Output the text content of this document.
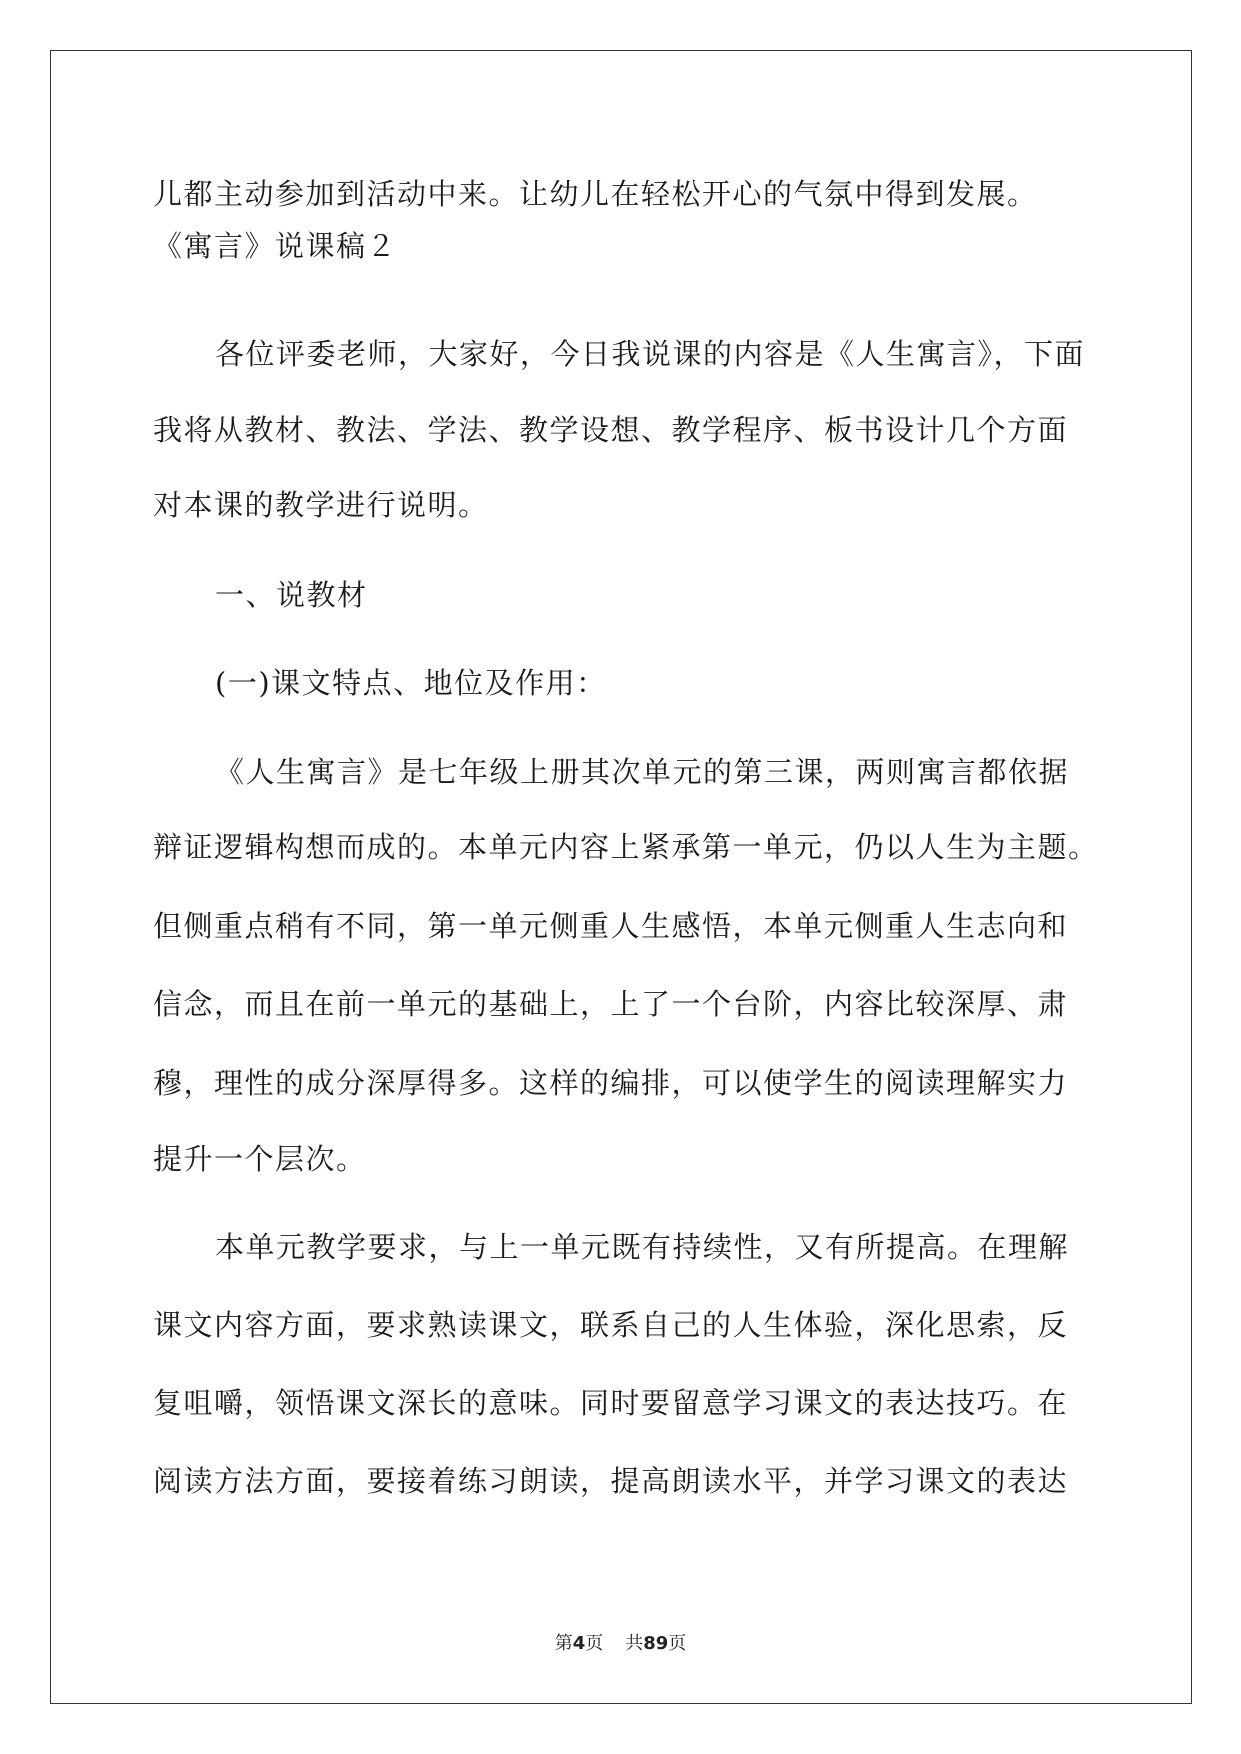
儿都主动参加到活动中来。让幼儿在轻松开心的气氛中得到发展。
《寓言》说课稿２
各位评委老师，大家好，今日我说课的内容是《人生寓言》，下面
我将从教材、教法、学法、教学设想、教学程序、板书设计几个方面
对本课的教学进行说明。
一、说教材
(一)课文特点、地位及作用：
《人生寓言》是七年级上册其次单元的第三课，两则寓言都依据
辩证逻辑构想而成的。本单元内容上紧承第一单元，仍以人生为主题。
但侧重点稍有不同，第一单元侧重人生感悟，本单元侧重人生志向和
信念，而且在前一单元的基础上，上了一个台阶，内容比较深厚、肃
穆，理性的成分深厚得多。这样的编排，可以使学生的阅读理解实力
提升一个层次。
本单元教学要求，与上一单元既有持续性，又有所提高。在理解
课文内容方面，要求熟读课文，联系自己的人生体验，深化思索，反
复咀嚼，领悟课文深长的意味。同时要留意学习课文的表达技巧。在
阅读方法方面，要接着练习朗读，提高朗读水平，并学习课文的表达
第4页 共89页
